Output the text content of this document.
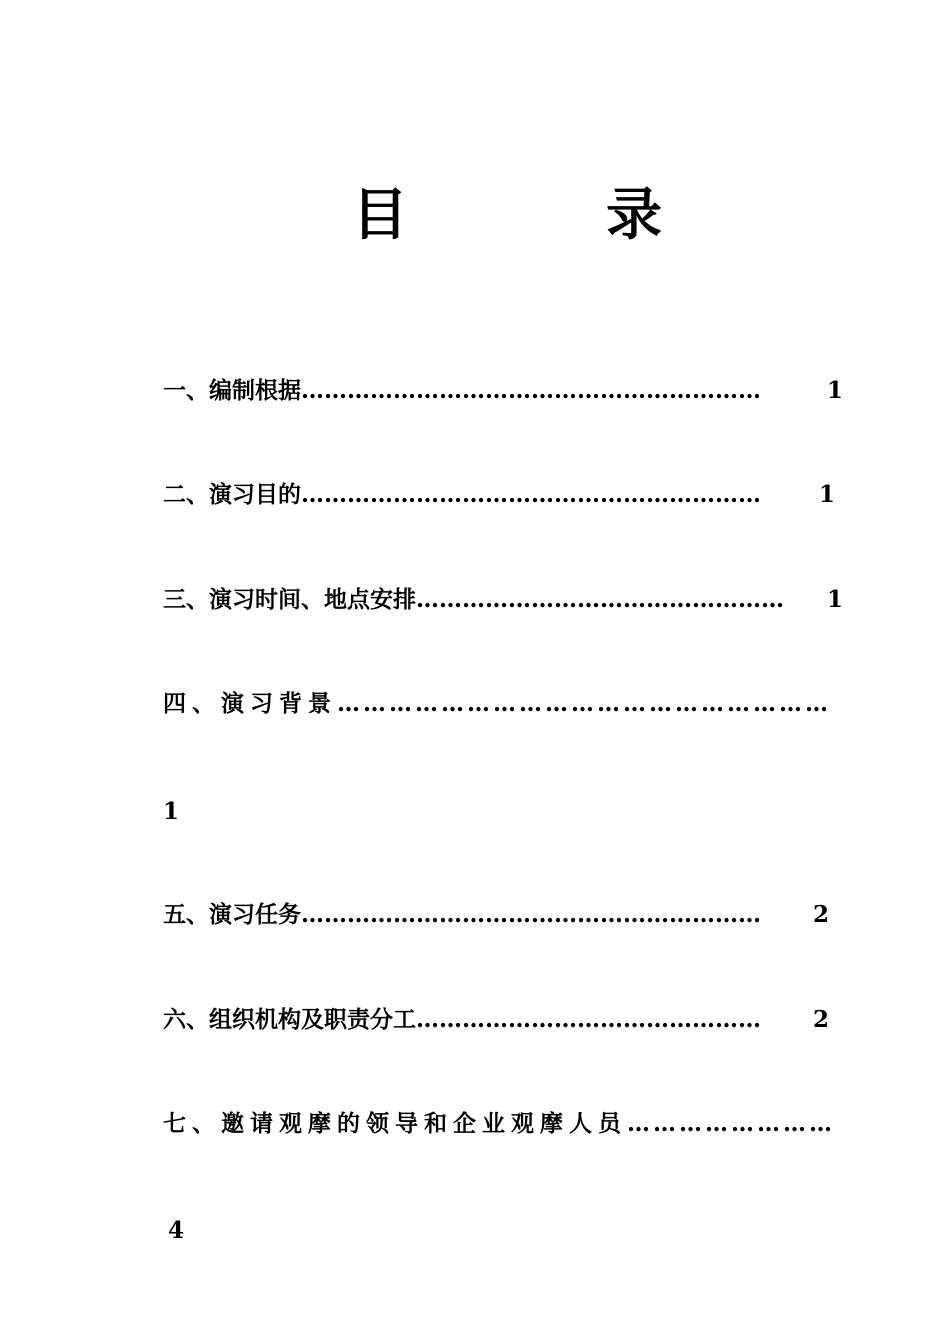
目	录
一、编制根据……………………………………………………	1
二、演习目的……………………………………………………	1
三、演习时间、地点安排………………………………………… 1
四、演习背景…………………………………………………
1
五、演习任务…………………………………………………… 2
六、组织机构及职责分工……………………………………… 2
七、邀请观摩的领导和企业观摩人员……………………
4
